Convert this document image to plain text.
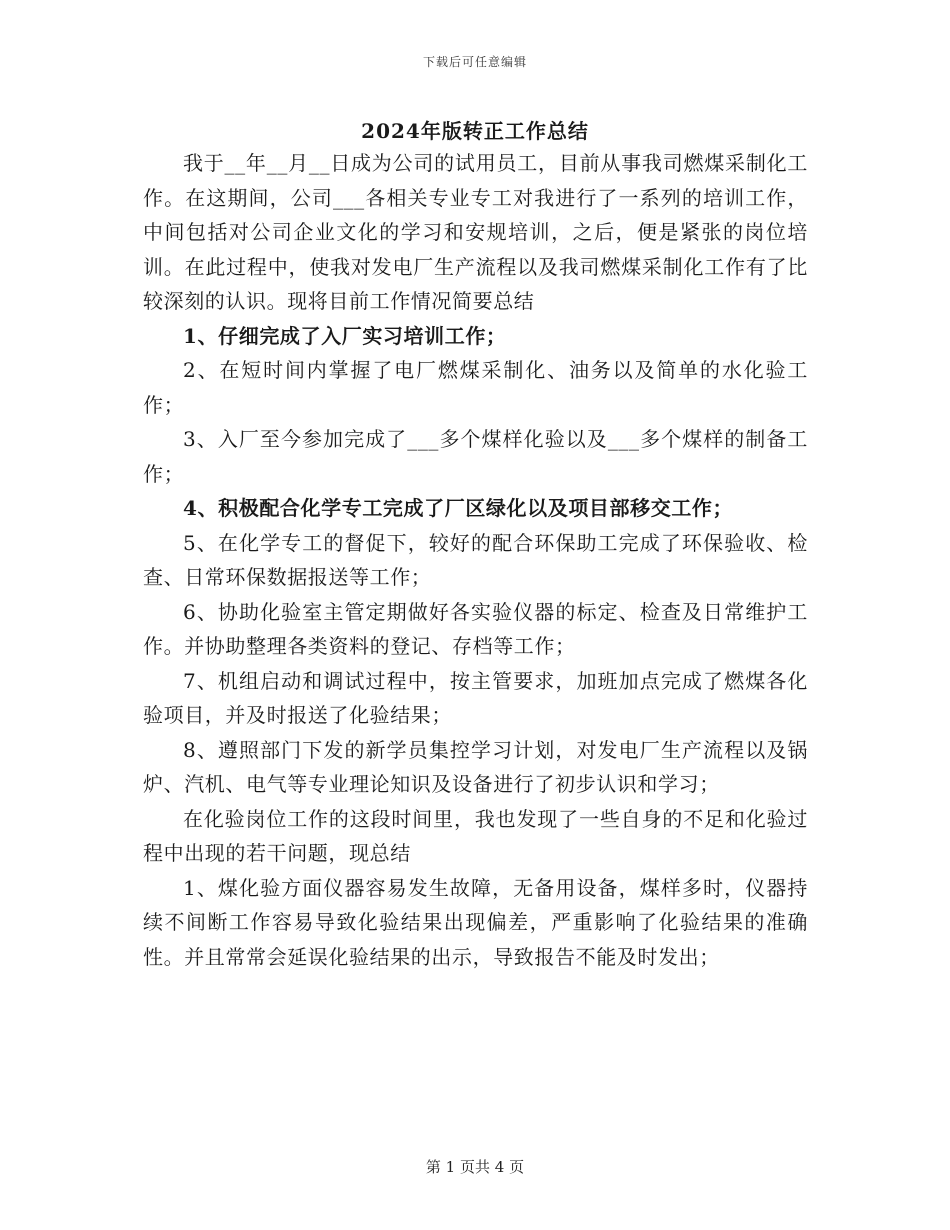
下载后可任意编辑
2024年版转正工作总结

我于__年__月__日成为公司的试用员工，目前从事我司燃煤采制化工作。在这期间，公司___各相关专业专工对我进行了一系列的培训工作，中间包括对公司企业文化的学习和安规培训，之后，便是紧张的岗位培训。在此过程中，使我对发电厂生产流程以及我司燃煤采制化工作有了比较深刻的认识。现将目前工作情况简要总结

1、仔细完成了入厂实习培训工作；

2、在短时间内掌握了电厂燃煤采制化、油务以及简单的水化验工作；

3、入厂至今参加完成了___多个煤样化验以及___多个煤样的制备工作；

4、积极配合化学专工完成了厂区绿化以及项目部移交工作；

5、在化学专工的督促下，较好的配合环保助工完成了环保验收、检查、日常环保数据报送等工作；

6、协助化验室主管定期做好各实验仪器的标定、检查及日常维护工作。并协助整理各类资料的登记、存档等工作；

7、机组启动和调试过程中，按主管要求，加班加点完成了燃煤各化验项目，并及时报送了化验结果；

8、遵照部门下发的新学员集控学习计划，对发电厂生产流程以及锅炉、汽机、电气等专业理论知识及设备进行了初步认识和学习；

在化验岗位工作的这段时间里，我也发现了一些自身的不足和化验过程中出现的若干问题，现总结

1、煤化验方面仪器容易发生故障，无备用设备，煤样多时，仪器持续不间断工作容易导致化验结果出现偏差，严重影响了化验结果的准确性。并且常常会延误化验结果的出示，导致报告不能及时发出；

第 1 页共 4 页
